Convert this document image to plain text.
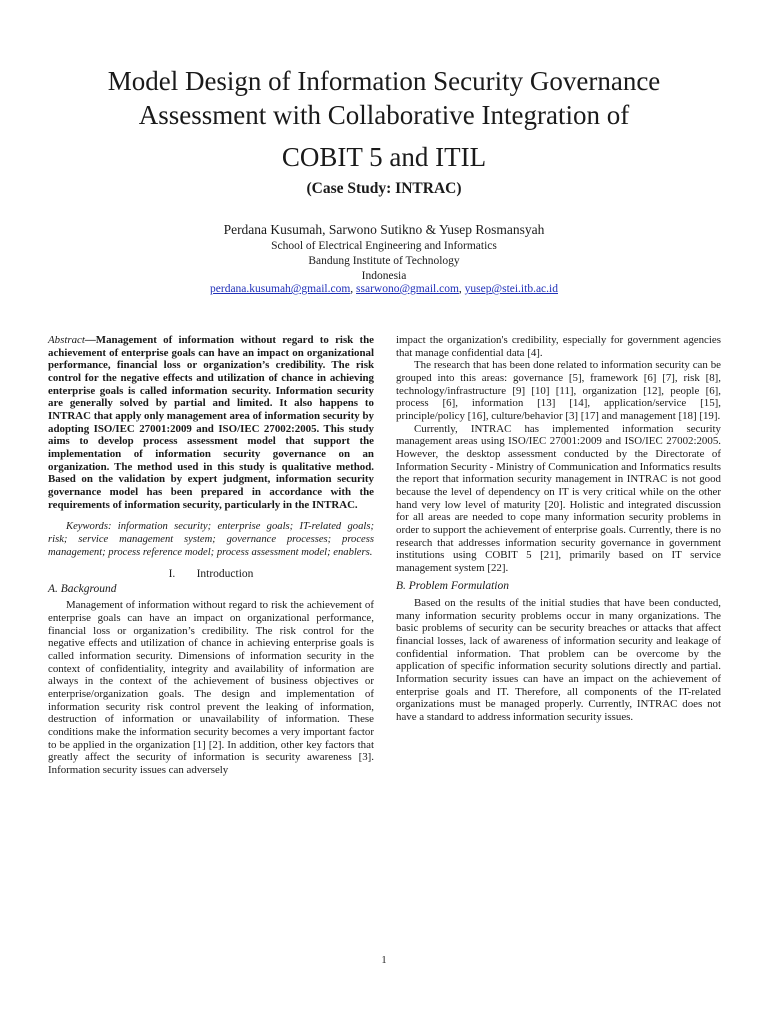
Model Design of Information Security Governance
Assessment with Collaborative Integration of
COBIT 5 and ITIL
(Case Study: INTRAC)
Perdana Kusumah, Sarwono Sutikno & Yusep Rosmansyah
School of Electrical Engineering and Informatics
Bandung Institute of Technology
Indonesia
perdana.kusumah@gmail.com, ssarwono@gmail.com, yusep@stei.itb.ac.id

Abstract—Management of information without regard to risk the achievement of enterprise goals can have an impact on organizational performance, financial loss or organization’s credibility. The risk control for the negative effects and utilization of chance in achieving enterprise goals is called information security. Information security are generally solved by partial and limited. It also happens to INTRAC that apply only management area of information security by adopting ISO/IEC 27001:2009 and ISO/IEC 27002:2005. This study aims to develop process assessment model that support the implementation of information security governance on an organization. The method used in this study is qualitative method. Based on the validation by expert judgment, information security governance model has been prepared in accordance with the requirements of information security, particularly in the INTRAC.

Keywords: information security; enterprise goals; IT-related goals; risk; service management system; governance processes; process management; process reference model; process assessment model; enablers.

I. Introduction
A. Background

Management of information without regard to risk the achievement of enterprise goals can have an impact on organizational performance, financial loss or organization’s credibility. The risk control for the negative effects and utilization of chance in achieving enterprise goals is called information security. Dimensions of information security in the context of confidentiality, integrity and availability of information are always in the context of the achievement of business objectives or enterprise/organization goals. The design and implementation of information security risk control prevent the leaking of information, destruction of information or unavailability of information. These conditions make the information security becomes a very important factor to be applied in the organization [1] [2]. In addition, other key factors that greatly affect the security of information is security awareness [3]. Information security issues can adversely

impact the organization's credibility, especially for government agencies that manage confidential data [4].

The research that has been done related to information security can be grouped into this areas: governance [5], framework [6] [7], risk [8], technology/infrastructure [9] [10] [11], organization [12], people [6], process [6], information [13] [14], application/service [15], principle/policy [16], culture/behavior [3] [17] and management [18] [19].

Currently, INTRAC has implemented information security management areas using ISO/IEC 27001:2009 and ISO/IEC 27002:2005. However, the desktop assessment conducted by the Directorate of Information Security - Ministry of Communication and Informatics results the report that information security management in INTRAC is not good because the level of dependency on IT is very critical while on the other hand very low level of maturity [20]. Holistic and integrated discussion for all areas are needed to cope many information security problems in order to support the achievement of enterprise goals. Currently, there is no research that addresses information security governance in government institutions using COBIT 5 [21], primarily based on IT service management system [22].

B. Problem Formulation

Based on the results of the initial studies that have been conducted, many information security problems occur in many organizations. The basic problems of security can be security breaches or attacks that affect financial losses, lack of awareness of information security and leakage of confidential information. That problem can be overcome by the application of specific information security solutions directly and partial. Information security issues can have an impact on the achievement of enterprise goals and IT. Therefore, all components of the IT-related organizations must be managed properly. Currently, INTRAC does not have a standard to address information security issues.

1
